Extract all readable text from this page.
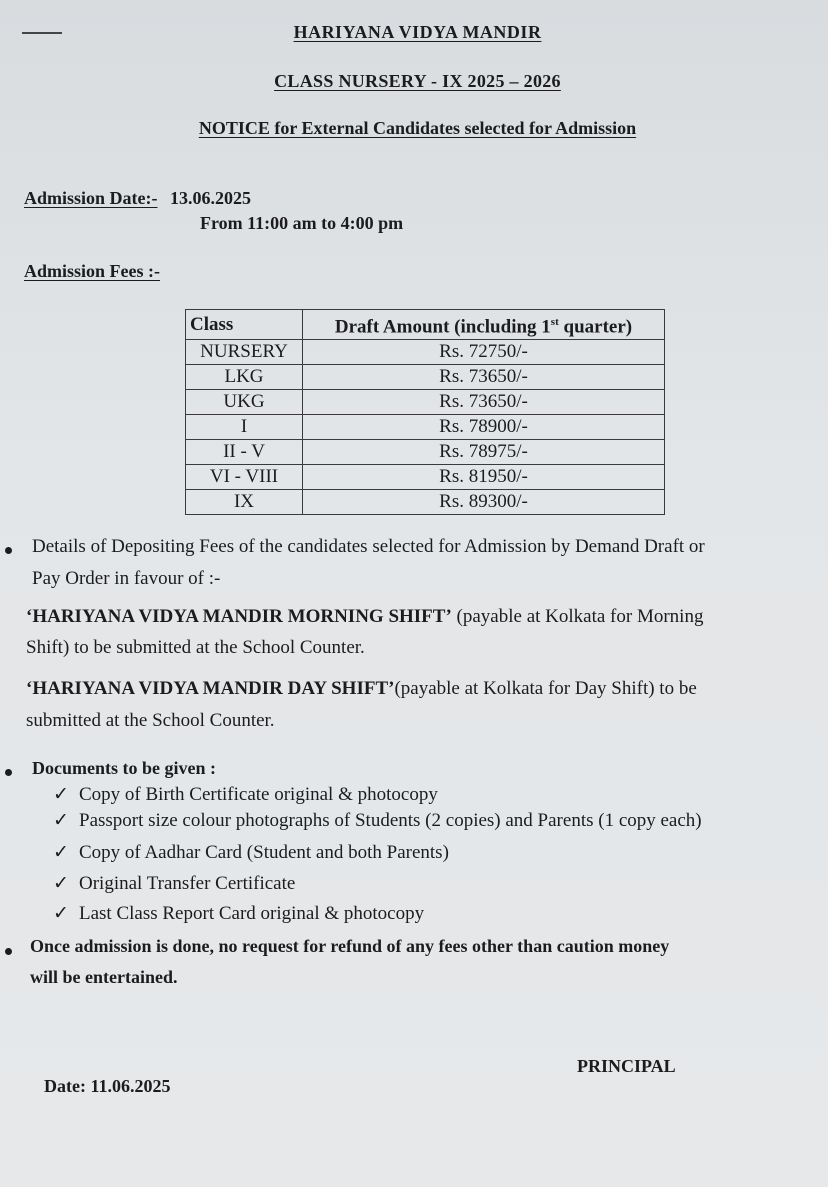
HARIYANA VIDYA MANDIR
CLASS NURSERY - IX 2025 – 2026
NOTICE for External Candidates selected for Admission
Admission Date:- 13.06.2025
From 11:00 am to 4:00 pm
Admission Fees :-
Class	Draft Amount (including 1st quarter)
NURSERY	Rs. 72750/-
LKG	Rs. 73650/-
UKG	Rs. 73650/-
I	Rs. 78900/-
II - V	Rs. 78975/-
VI - VIII	Rs. 81950/-
IX	Rs. 89300/-
Details of Depositing Fees of the candidates selected for Admission by Demand Draft or
Pay Order in favour of :-
‘HARIYANA VIDYA MANDIR MORNING SHIFT’ (payable at Kolkata for Morning
Shift) to be submitted at the School Counter.
‘HARIYANA VIDYA MANDIR DAY SHIFT’(payable at Kolkata for Day Shift) to be
submitted at the School Counter.
Documents to be given :
✓ Copy of Birth Certificate original & photocopy
✓ Passport size colour photographs of Students (2 copies) and Parents (1 copy each)
✓ Copy of Aadhar Card (Student and both Parents)
✓ Original Transfer Certificate
✓ Last Class Report Card original & photocopy
Once admission is done, no request for refund of any fees other than caution money
will be entertained.
Date: 11.06.2025
PRINCIPAL
